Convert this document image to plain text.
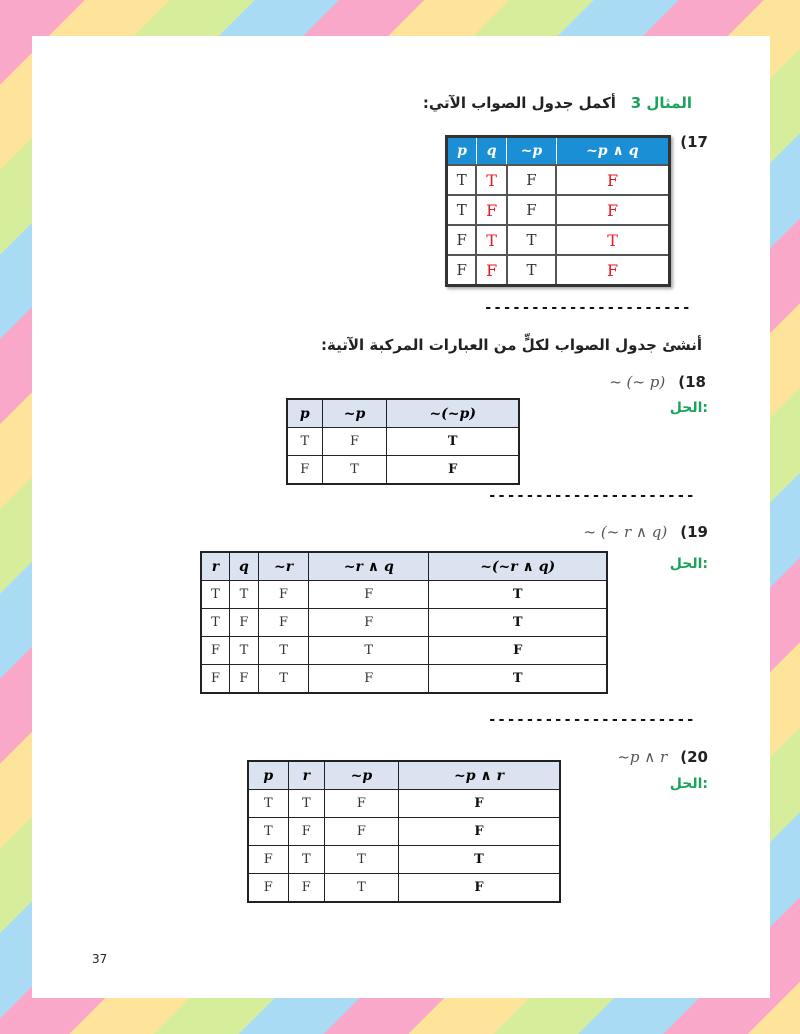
المثال 3 أكمل جدول الصواب الآتي:
(17
p	q	~p	~p ∧ q
T	T	F	F
T	F	F	F
F	T	T	T
F	F	T	F
----------------------
أنشئ جدول الصواب لكلٍّ من العبارات المركبة الآتية:
~ (~ p) (18
الحل:
p	~p	~(~p)
T	F	T
F	T	F
----------------------
~ (~ r ∧ q) (19
الحل:
r	q	~r	~r ∧ q	~(~r ∧ q)
T	T	F	F	T
T	F	F	F	T
F	T	T	T	F
F	F	T	F	T
----------------------
~p ∧ r (20
الحل:
p	r	~p	~p ∧ r
T	T	F	F
T	F	F	F
F	T	T	T
F	F	T	F
37
